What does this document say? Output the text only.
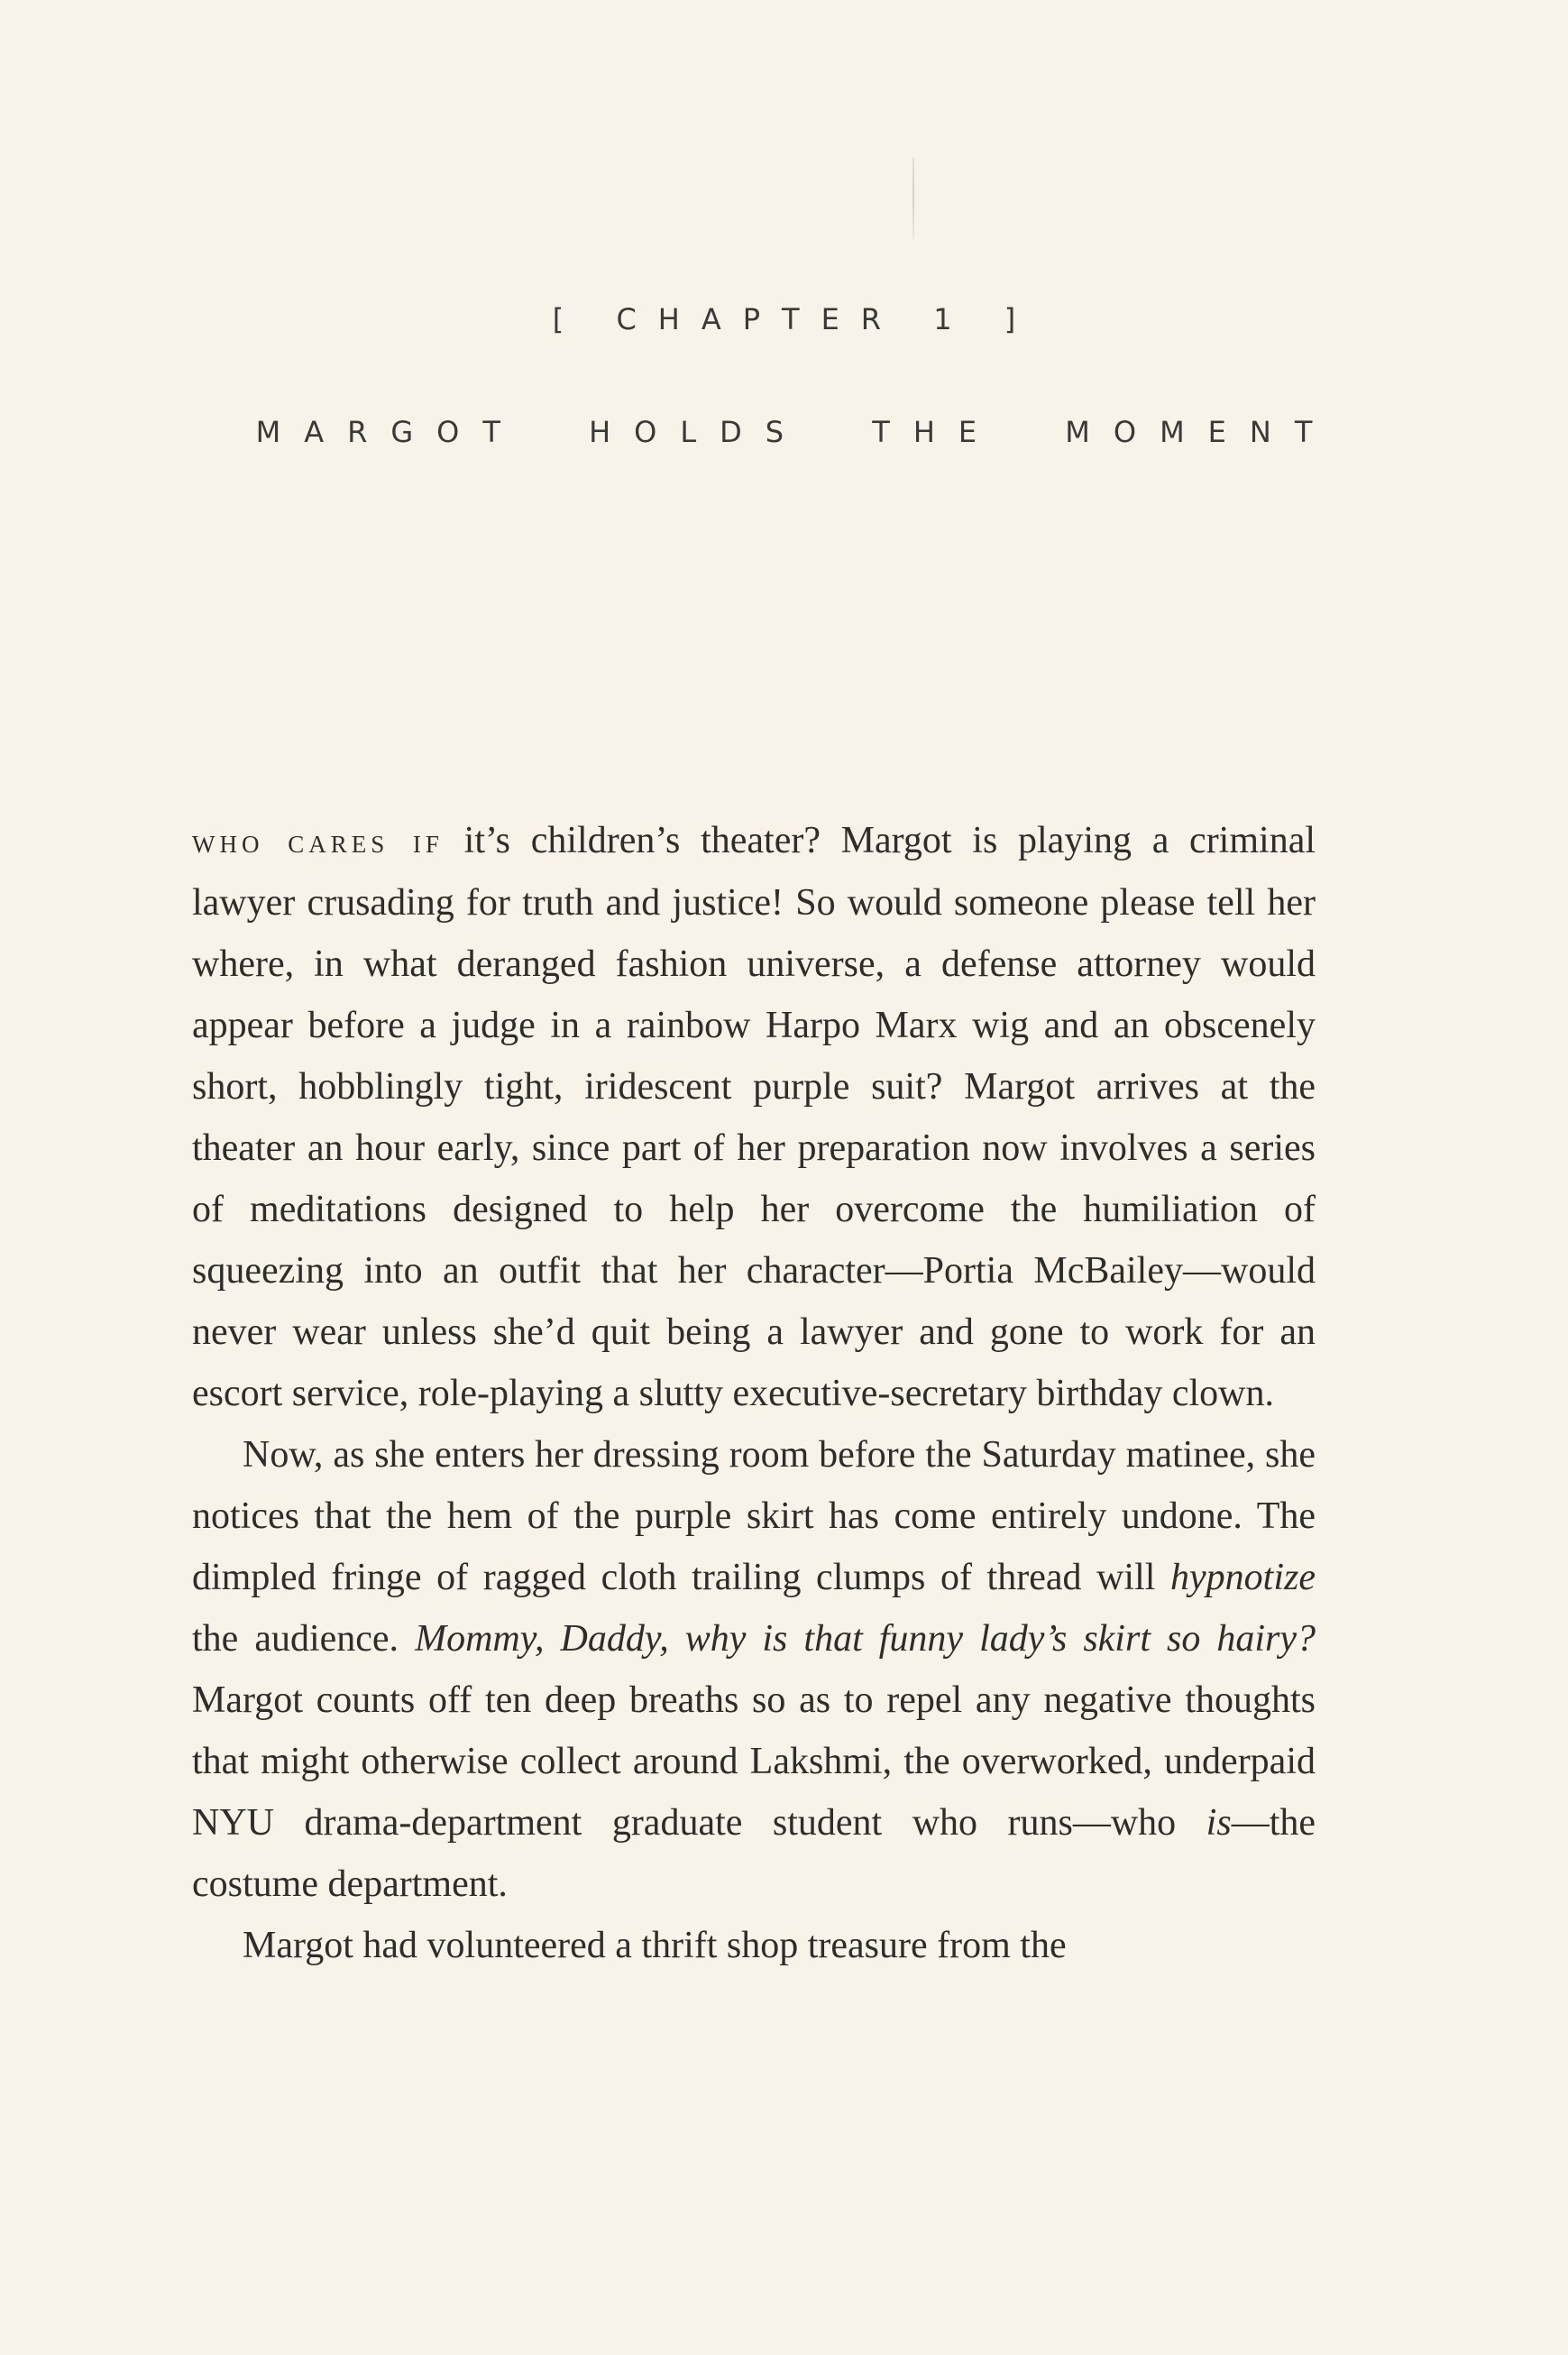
[ CHAPTER 1 ]
MARGOT HOLDS THE MOMENT

who cares if it’s children’s theater? Margot is playing a criminal lawyer crusading for truth and justice! So would someone please tell her where, in what deranged fashion universe, a defense attorney would appear before a judge in a rainbow Harpo Marx wig and an obscenely short, hobblingly tight, iridescent purple suit? Margot arrives at the theater an hour early, since part of her preparation now involves a series of meditations designed to help her overcome the humiliation of squeezing into an outfit that her character—Portia McBailey—would never wear unless she’d quit being a lawyer and gone to work for an escort service, role-playing a slutty executive-secretary birthday clown.

Now, as she enters her dressing room before the Saturday matinee, she notices that the hem of the purple skirt has come entirely undone. The dimpled fringe of ragged cloth trailing clumps of thread will hypnotize the audience. Mommy, Daddy, why is that funny lady’s skirt so hairy? Margot counts off ten deep breaths so as to repel any negative thoughts that might otherwise collect around Lakshmi, the overworked, underpaid NYU drama-department graduate student who runs—who is—the costume department.

Margot had volunteered a thrift shop treasure from the
